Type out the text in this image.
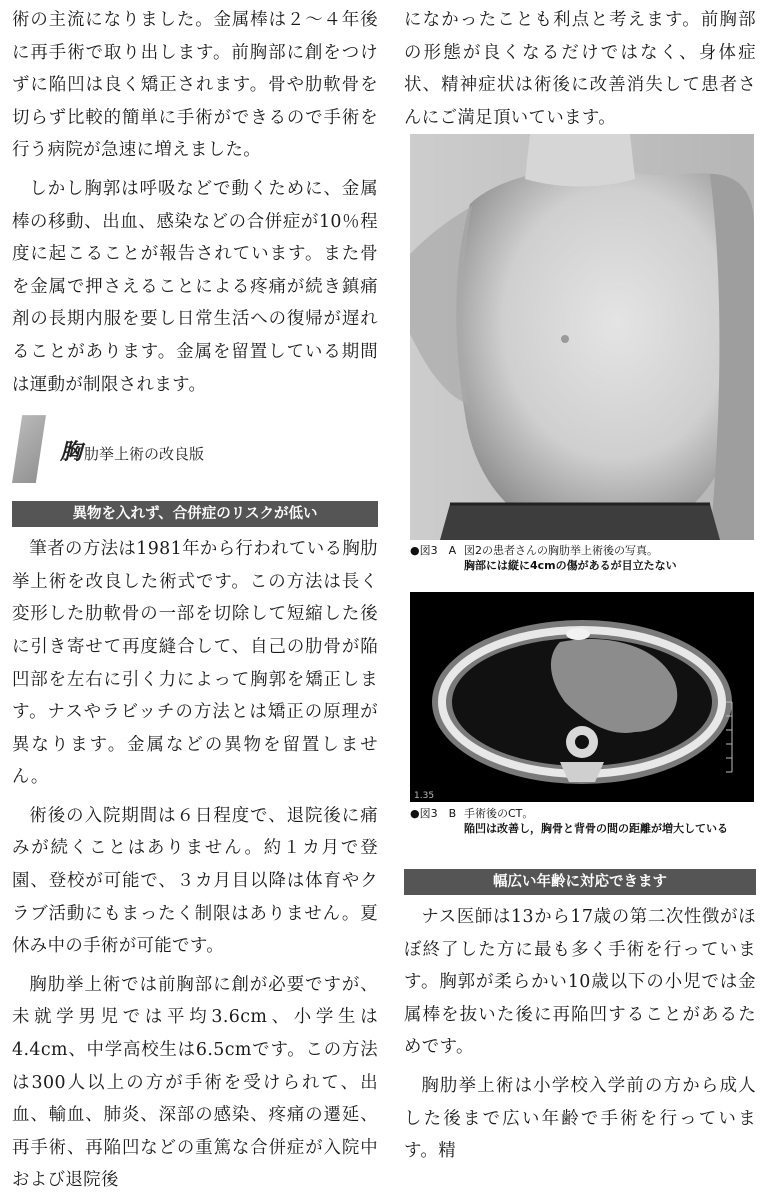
術の主流になりました。金属棒は２～４年後に再手術で取り出します。前胸部に創をつけずに陥凹は良く矯正されます。骨や肋軟骨を切らず比較的簡単に手術ができるので手術を行う病院が急速に増えました。

しかし胸郭は呼吸などで動くために、金属棒の移動、出血、感染などの合併症が10％程度に起こることが報告されています。また骨を金属で押さえることによる疼痛が続き鎮痛剤の長期内服を要し日常生活への復帰が遅れることがあります。金属を留置している期間は運動が制限されます。

胸 肋挙上術の改良版
異物を入れず、合併症のリスクが低い

筆者の方法は1981年から行われている胸肋挙上術を改良した術式です。この方法は長く変形した肋軟骨の一部を切除して短縮した後に引き寄せて再度縫合して、自己の肋骨が陥凹部を左右に引く力によって胸郭を矯正します。ナスやラビッチの方法とは矯正の原理が異なります。金属などの異物を留置しません。

術後の入院期間は６日程度で、退院後に痛みが続くことはありません。約１カ月で登園、登校が可能で、３カ月目以降は体育やクラブ活動にもまったく制限はありません。夏休み中の手術が可能です。

胸肋挙上術では前胸部に創が必要ですが、未就学男児では平均3.6cm、小学生は4.4cm、中学高校生は6.5cmです。この方法は300人以上の方が手術を受けられて、出血、輸血、肺炎、深部の感染、疼痛の遷延、再手術、再陥凹などの重篤な合併症が入院中および退院後

になかったことも利点と考えます。前胸部の形態が良くなるだけではなく、身体症状、精神症状は術後に改善消失して患者さんにご満足頂いています。

●図3　A 図2の患者さんの胸肋挙上術後の写真。
胸部には縦に4cmの傷があるが目立たない
1.35
●図3　B 手術後のCT。
陥凹は改善し，胸骨と背骨の間の距離が増大している
幅広い年齢に対応できます

ナス医師は13から17歳の第二次性徴がほぼ終了した方に最も多く手術を行っています。胸郭が柔らかい10歳以下の小児では金属棒を抜いた後に再陥凹することがあるためです。

胸肋挙上術は小学校入学前の方から成人した後まで広い年齢で手術を行っています。精
